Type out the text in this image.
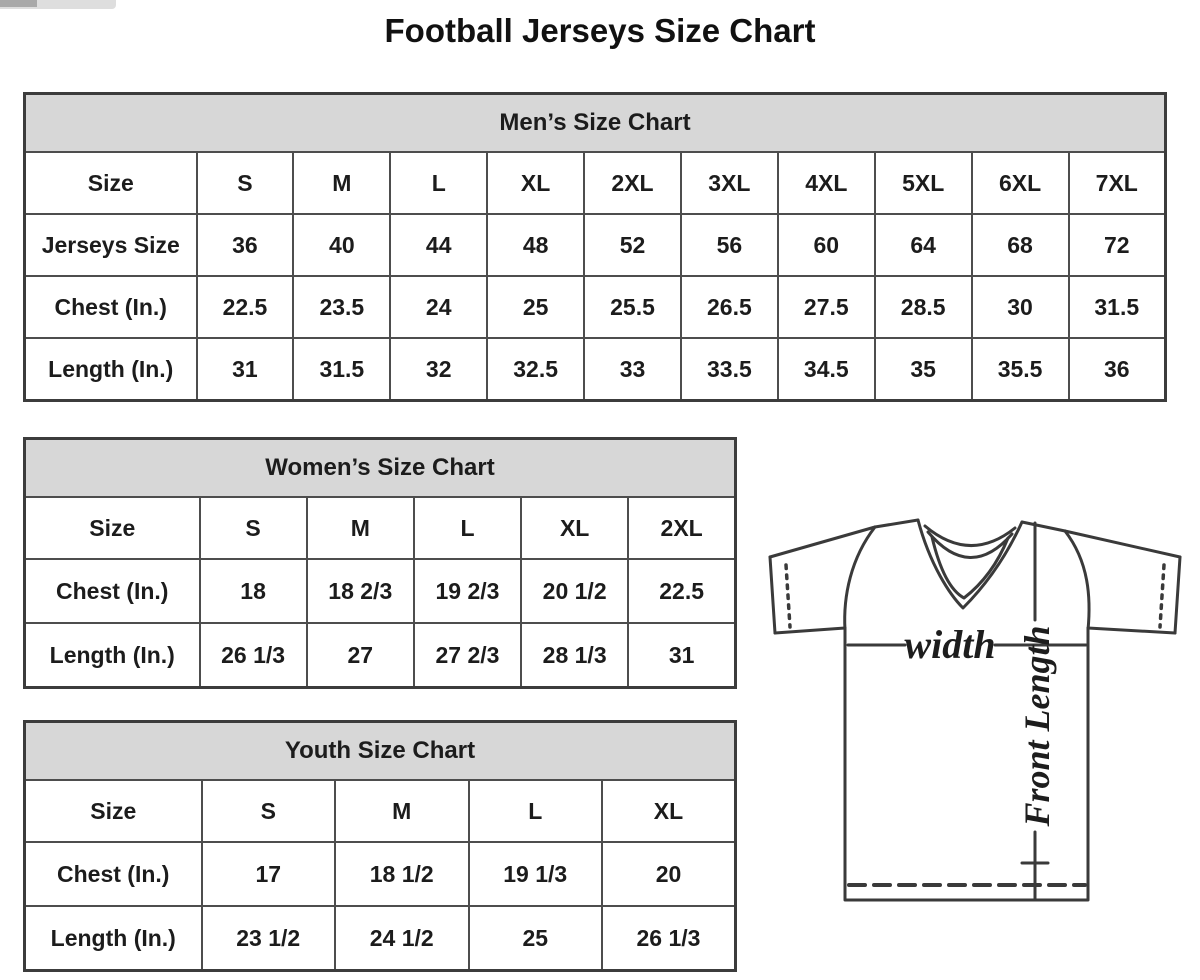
Football Jerseys Size Chart
Men’s Size Chart										
Size	S	M	L	XL	2XL	3XL	4XL	5XL	6XL	7XL
Jerseys Size	36	40	44	48	52	56	60	64	68	72
Chest (In.)	22.5	23.5	24	25	25.5	26.5	27.5	28.5	30	31.5
Length (In.)	31	31.5	32	32.5	33	33.5	34.5	35	35.5	36
Women’s Size Chart					
Size	S	M	L	XL	2XL
Chest (In.)	18	18 2/3	19 2/3	20 1/2	22.5
Length (In.)	26 1/3	27	27 2/3	28 1/3	31
Youth Size Chart				
Size	S	M	L	XL
Chest (In.)	17	18 1/2	19 1/3	20
Length (In.)	23 1/2	24 1/2	25	26 1/3
width Front Length
